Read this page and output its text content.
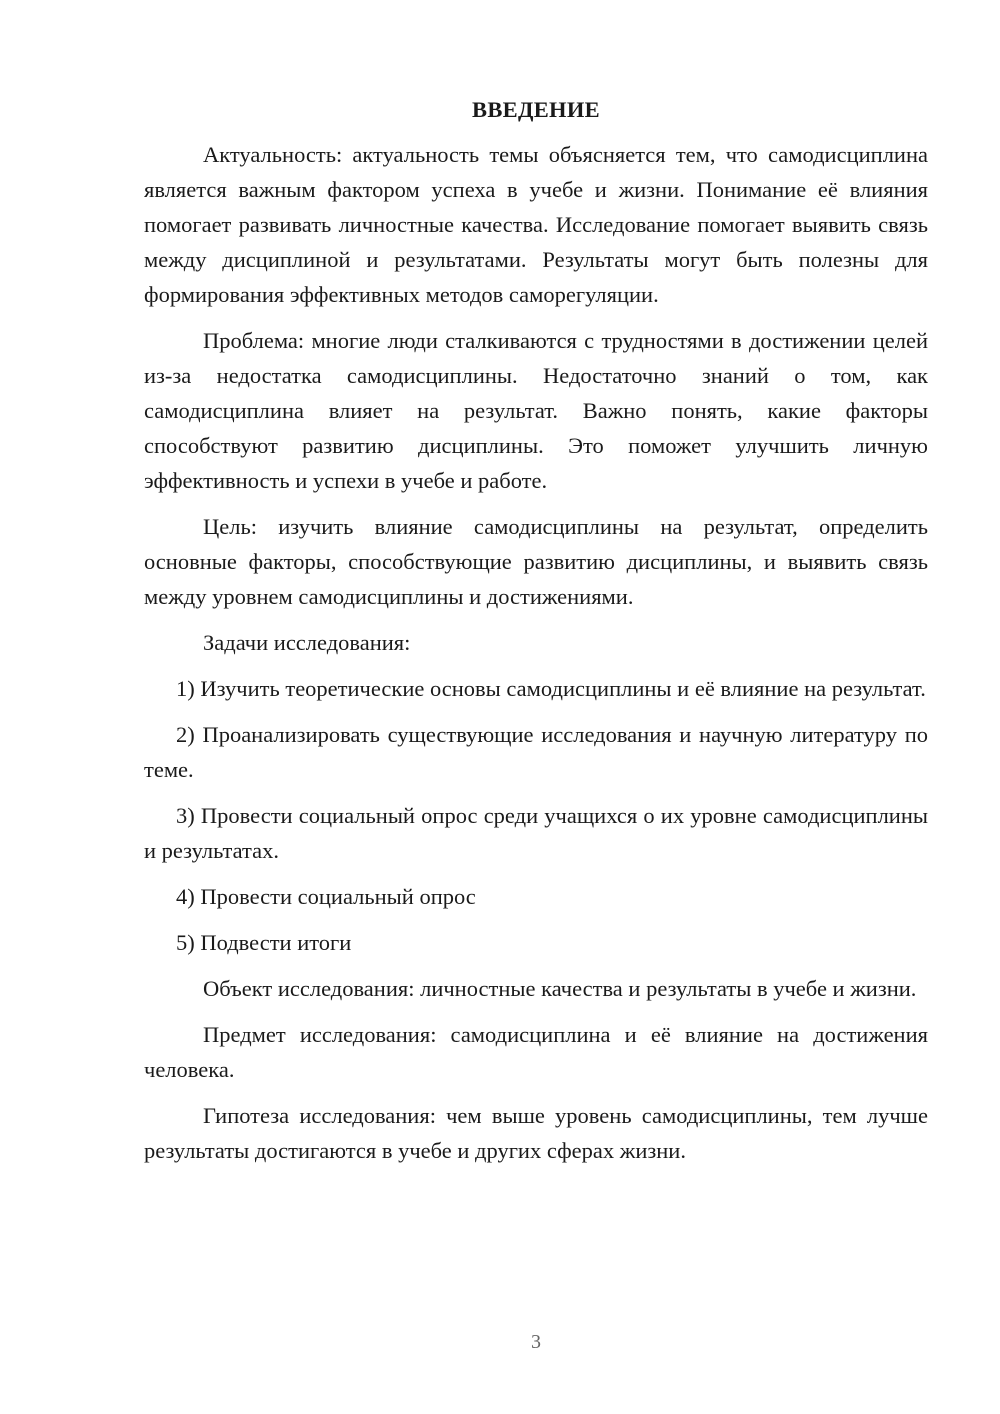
ВВЕДЕНИЕ

Актуальность: актуальность темы объясняется тем, что самодисциплина является важным фактором успеха в учебе и жизни. Понимание её влияния помогает развивать личностные качества. Исследование помогает выявить связь между дисциплиной и результатами. Результаты могут быть полезны для формирования эффективных методов саморегуляции.

Проблема: многие люди сталкиваются с трудностями в достижении целей из-за недостатка самодисциплины. Недостаточно знаний о том, как самодисциплина влияет на результат. Важно понять, какие факторы способствуют развитию дисциплины. Это поможет улучшить личную эффективность и успехи в учебе и работе.

Цель: изучить влияние самодисциплины на результат, определить основные факторы, способствующие развитию дисциплины, и выявить связь между уровнем самодисциплины и достижениями.

Задачи исследования:

1) Изучить теоретические основы самодисциплины и её влияние на результат.

2) Проанализировать существующие исследования и научную литературу по теме.

3) Провести социальный опрос среди учащихся о их уровне самодисциплины и результатах.

4) Провести социальный опрос

5) Подвести итоги

Объект исследования: личностные качества и результаты в учебе и жизни.

Предмет исследования: самодисциплина и её влияние на достижения человека.

Гипотеза исследования: чем выше уровень самодисциплины, тем лучше результаты достигаются в учебе и других сферах жизни.

3
